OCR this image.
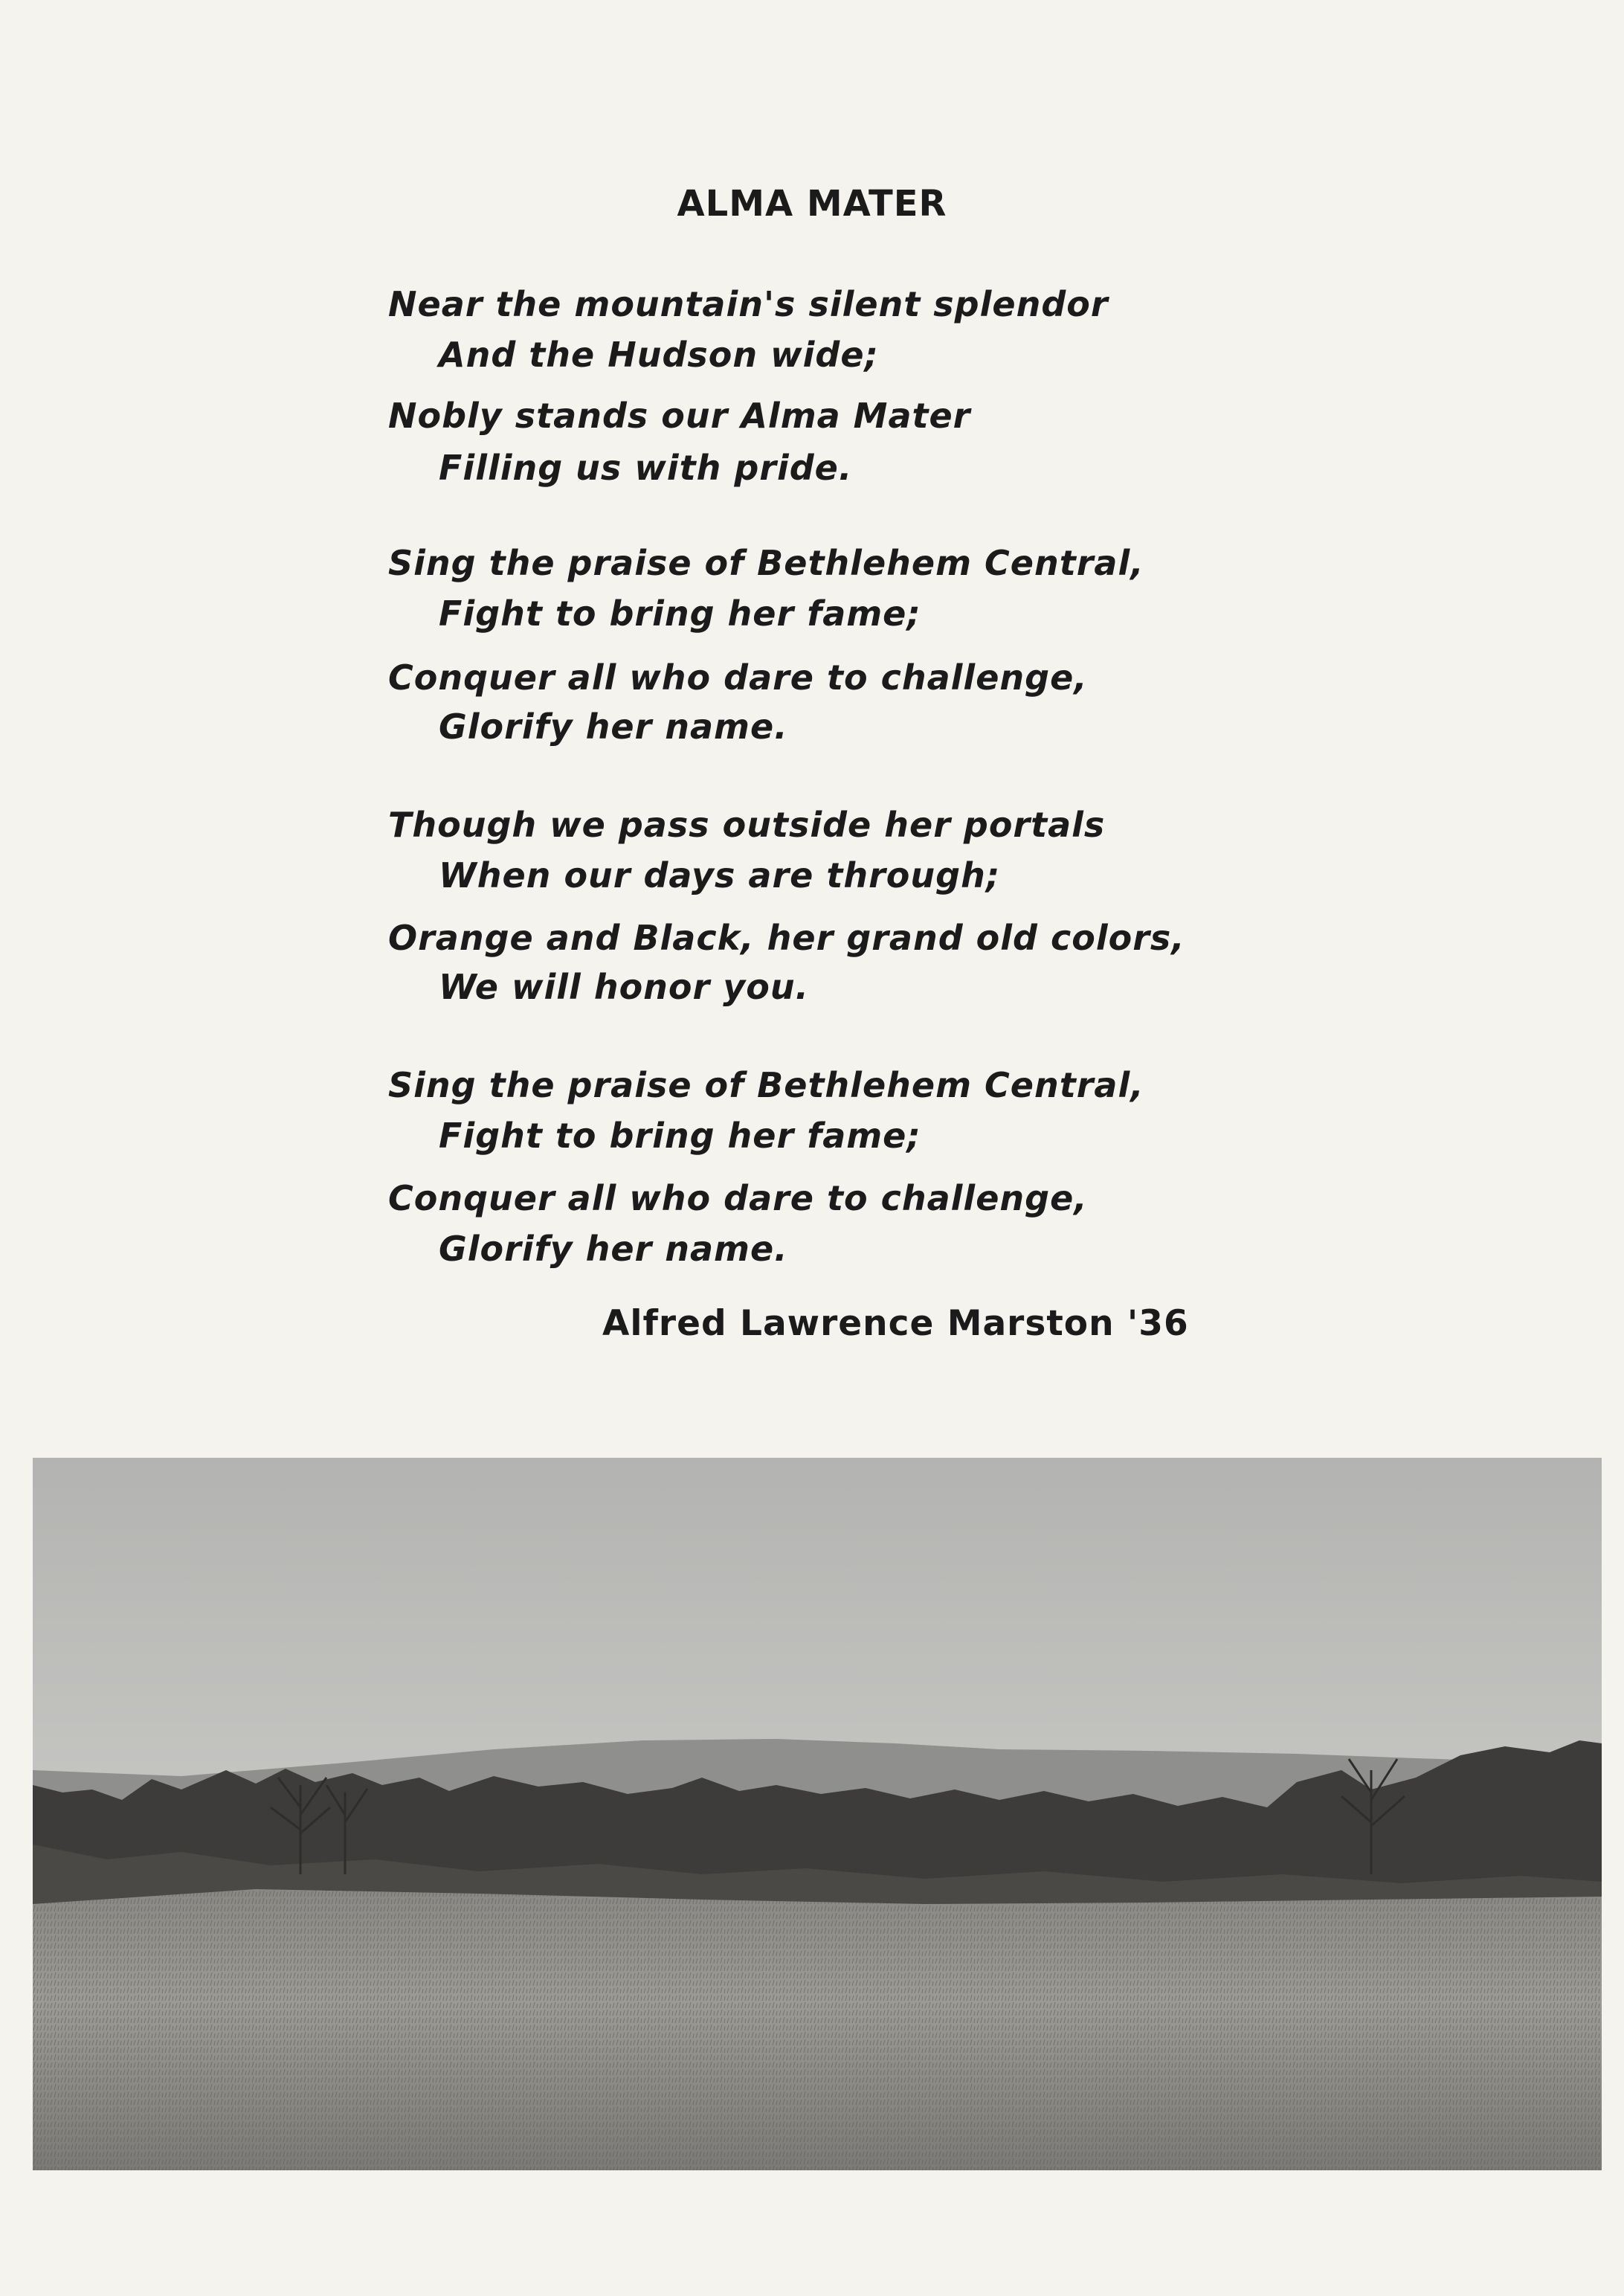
ALMA MATER
Near the mountain's silent splendor
And the Hudson wide;
Nobly stands our Alma Mater
Filling us with pride.
Sing the praise of Bethlehem Central,
Fight to bring her fame;
Conquer all who dare to challenge,
Glorify her name.
Though we pass outside her portals
When our days are through;
Orange and Black, her grand old colors,
We will honor you.
Sing the praise of Bethlehem Central,
Fight to bring her fame;
Conquer all who dare to challenge,
Glorify her name.
Alfred Lawrence Marston '36
